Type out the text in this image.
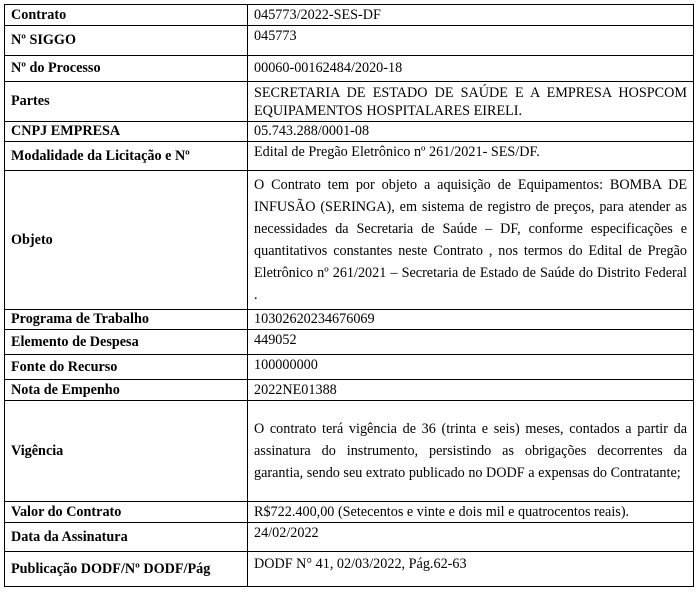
Contrato	045773/2022-SES-DF
Nº SIGGO	045773
Nº do Processo	00060-00162484/2020-18
Partes	SECRETARIA DE ESTADO DE SAÚDE E A EMPRESA HOSPCOM EQUIPAMENTOS HOSPITALARES EIRELI.
CNPJ EMPRESA	05.743.288/0001-08
Modalidade da Licitação e Nº	Edital de Pregão Eletrônico nº 261/2021- SES/DF.
Objeto	O Contrato tem por objeto a aquisição de Equipamentos: BOMBA DE INFUSÃO (SERINGA), em sistema de registro de preços, para atender as necessidades da Secretaria de Saúde – DF, conforme especificações e quantitativos constantes neste Contrato , nos termos do Edital de Pregão Eletrônico nº 261/2021 – Secretaria de Estado de Saúde do Distrito Federal .
Programa de Trabalho	10302620234676069
Elemento de Despesa	449052
Fonte do Recurso	100000000
Nota de Empenho	2022NE01388
Vigência	O contrato terá vigência de 36 (trinta e seis) meses, contados a partir da assinatura do instrumento, persistindo as obrigações decorrentes da garantia, sendo seu extrato publicado no DODF a expensas do Contratante;
Valor do Contrato	R$722.400,00 (Setecentos e vinte e dois mil e quatrocentos reais).
Data da Assinatura	24/02/2022
Publicação DODF/Nº DODF/Pág	DODF N° 41, 02/03/2022, Pág.62-63
